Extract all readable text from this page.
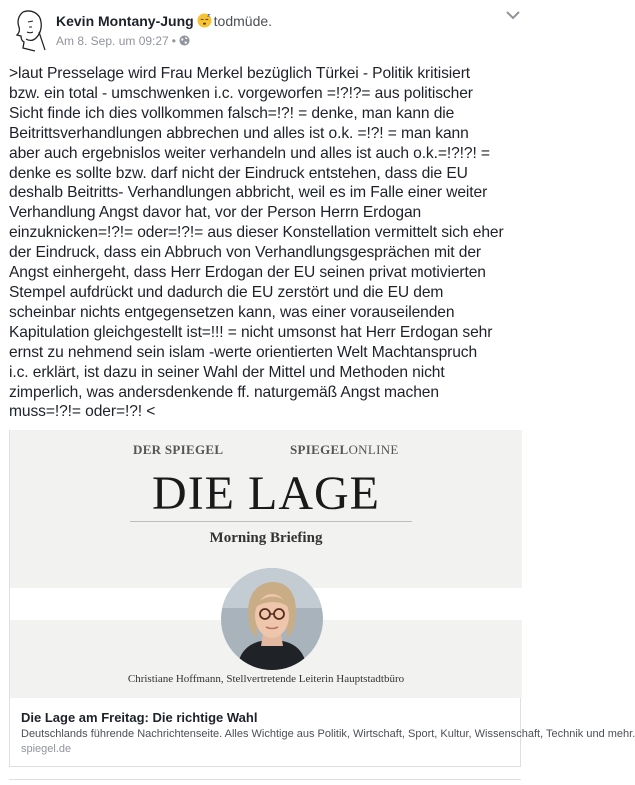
Kevin Montany-Jung todmüde.
Am 8. Sep. um 09:27 •

>laut Presselage wird Frau Merkel bezüglich Türkei - Politik kritisiert
bzw. ein total - umschwenken i.c. vorgeworfen =!?!?= aus politischer
Sicht finde ich dies vollkommen falsch=!?! = denke, man kann die
Beitrittsverhandlungen abbrechen und alles ist o.k. =!?! = man kann
aber auch ergebnislos weiter verhandeln und alles ist auch o.k.=!?!?! =
denke es sollte bzw. darf nicht der Eindruck entstehen, dass die EU
deshalb Beitritts- Verhandlungen abbricht, weil es im Falle einer weiter
Verhandlung Angst davor hat, vor der Person Herrn Erdogan
einzuknicken=!?!= oder=!?!= aus dieser Konstellation vermittelt sich eher
der Eindruck, dass ein Abbruch von Verhandlungsgesprächen mit der
Angst einhergeht, dass Herr Erdogan der EU seinen privat motivierten
Stempel aufdrückt und dadurch die EU zerstört und die EU dem
scheinbar nichts entgegensetzen kann, was einer vorauseilenden
Kapitulation gleichgestellt ist=!!! = nicht umsonst hat Herr Erdogan sehr
ernst zu nehmend sein islam -werte orientierten Welt Machtanspruch
i.c. erklärt, ist dazu in seiner Wahl der Mittel und Methoden nicht
zimperlich, was andersdenkende ff. naturgemäß Angst machen
muss=!?!= oder=!?! <

DER SPIEGEL	SPIEGELONLINE
DIE LAGE
Morning Briefing
Christiane Hoffmann, Stellvertretende Leiterin Hauptstadtbüro
Die Lage am Freitag: Die richtige Wahl
Deutschlands führende Nachrichtenseite. Alles Wichtige aus Politik, Wirtschaft, Sport, Kultur, Wissenschaft, Technik und mehr.
spiegel.de
